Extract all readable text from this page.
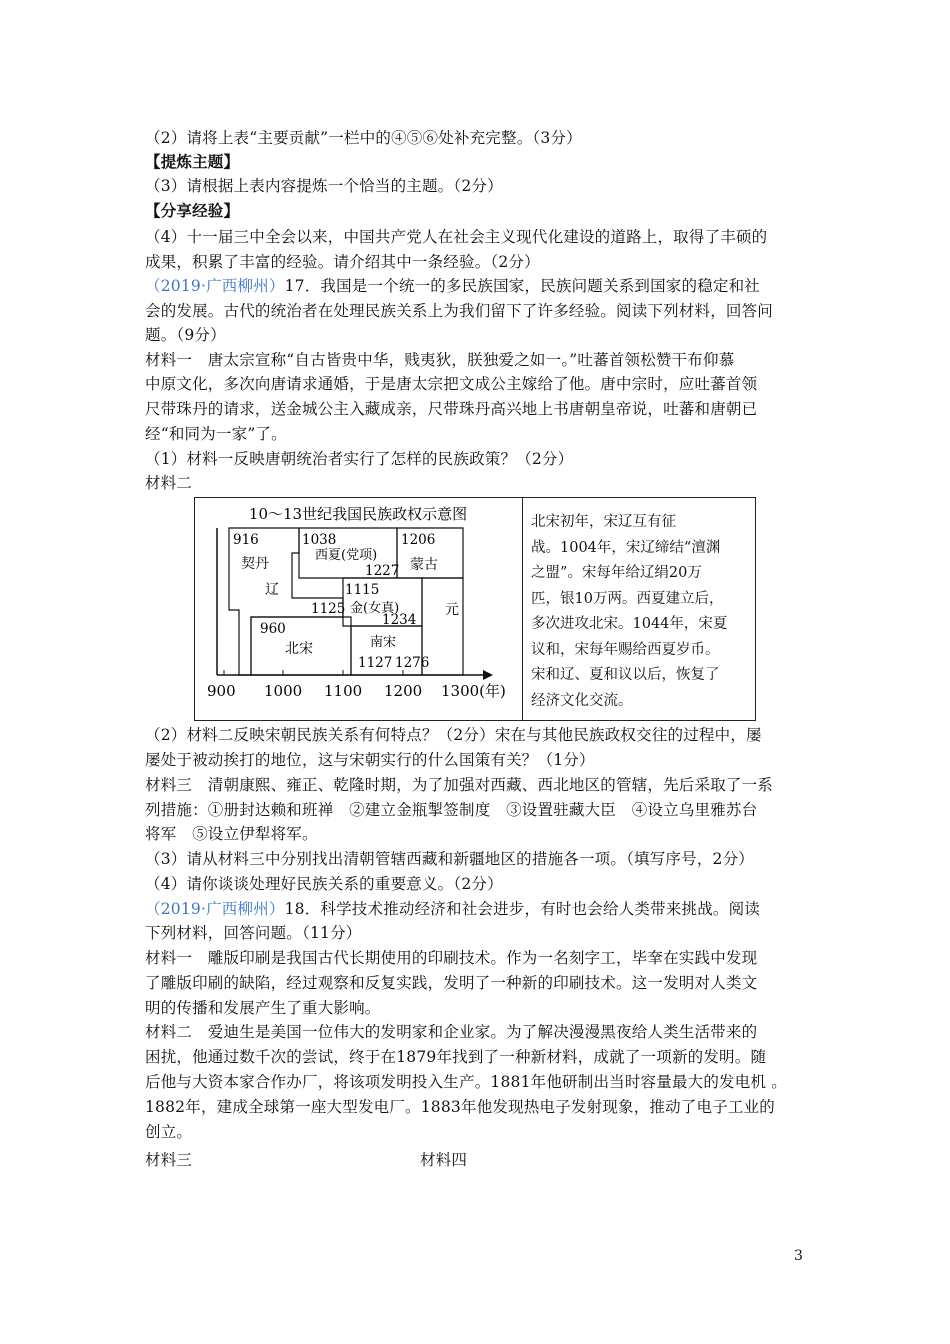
（2）请将上表“主要贡献”一栏中的④⑤⑥处补充完整。（3分）
【提炼主题】
（3）请根据上表内容提炼一个恰当的主题。（2分）
【分享经验】
（4）十一届三中全会以来，中国共产党人在社会主义现代化建设的道路上，取得了丰硕的
成果，积累了丰富的经验。请介绍其中一条经验。（2分）
（2019·广西柳州）17．我国是一个统一的多民族国家，民族问题关系到国家的稳定和社
会的发展。古代的统治者在处理民族关系上为我们留下了许多经验。阅读下列材料，回答问
题。（9分）
材料一　唐太宗宣称“自古皆贵中华，贱夷狄，朕独爱之如一。”吐蕃首领松赞干布仰慕
中原文化，多次向唐请求通婚，于是唐太宗把文成公主嫁给了他。唐中宗时，应吐蕃首领
尺带珠丹的请求，送金城公主入藏成亲，尺带珠丹高兴地上书唐朝皇帝说，吐蕃和唐朝已
经“和同为一家”了。
（1）材料一反映唐朝统治者实行了怎样的民族政策？（2分）
材料二
10～13世纪我国民族政权示意图
契丹
辽
西夏(党项)
蒙古
金(女真)	元
北宋	南宋
916	1038	1206
1227
1115
1125
1234
960
1127 1276
900 1000 1100 1200 1300(年)
北宋初年，宋辽互有征
战。1004年，宋辽缔结“澶渊
之盟”。宋每年给辽绢20万
匹，银10万两。西夏建立后，
多次进攻北宋。1044年，宋夏
议和，宋每年赐给西夏岁币。
宋和辽、夏和议以后，恢复了
经济文化交流。
（2）材料二反映宋朝民族关系有何特点？（2分）宋在与其他民族政权交往的过程中，屡
屡处于被动挨打的地位，这与宋朝实行的什么国策有关？（1分）
材料三　清朝康熙、雍正、乾隆时期，为了加强对西藏、西北地区的管辖，先后采取了一系
列措施：①册封达赖和班禅　②建立金瓶掣签制度　③设置驻藏大臣　④设立乌里雅苏台
将军　⑤设立伊犁将军。
（3）请从材料三中分别找出清朝管辖西藏和新疆地区的措施各一项。（填写序号，2分）
（4）请你谈谈处理好民族关系的重要意义。（2分）
（2019·广西柳州）18．科学技术推动经济和社会进步，有时也会给人类带来挑战。阅读
下列材料，回答问题。（11分）
材料一　雕版印刷是我国古代长期使用的印刷技术。作为一名刻字工，毕羍在实践中发现
了雕版印刷的缺陷，经过观察和反复实践，发明了一种新的印刷技术。这一发明对人类文
明的传播和发展产生了重大影响。
材料二　爱迪生是美国一位伟大的发明家和企业家。为了解决漫漫黑夜给人类生活带来的
困扰，他通过数千次的尝试，终于在1879年找到了一种新材料，成就了一项新的发明。随
后他与大资本家合作办厂，将该项发明投入生产。1881年他研制出当时容量最大的发电机 。
1882年，建成全球第一座大型发电厂。1883年他发现热电子发射现象，推动了电子工业的
创立。
材料三	材料四
3
